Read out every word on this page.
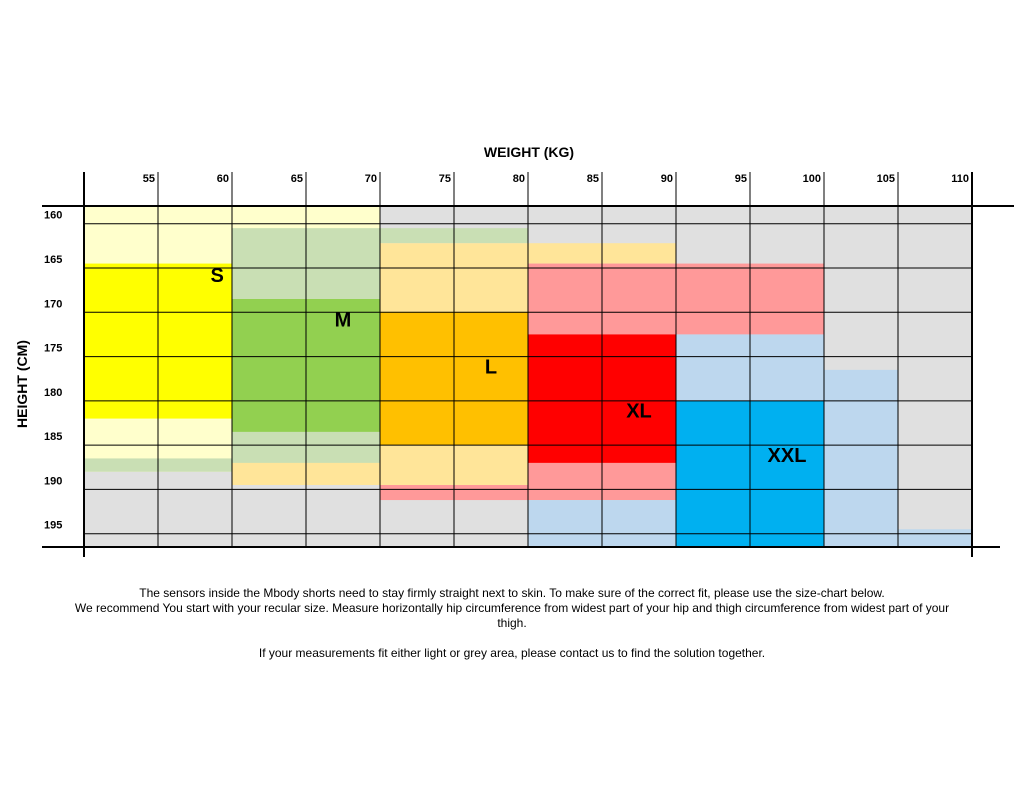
WEIGHT (KG)
HEIGHT (CM)
55	60	65	70	75	80	85	90	95	100	105	110
160
165
170
175
180
185
190
195
S
M
L
XL
XXL

The sensors inside the Mbody shorts need to stay firmly straight next to skin. To make sure of the correct fit, please use the size-chart below.

We recommend You start with your recular size. Measure horizontally hip circumference from widest part of your hip and thigh circumference from widest part of your thigh.

If your measurements fit either light or grey area, please contact us to find the solution together.
